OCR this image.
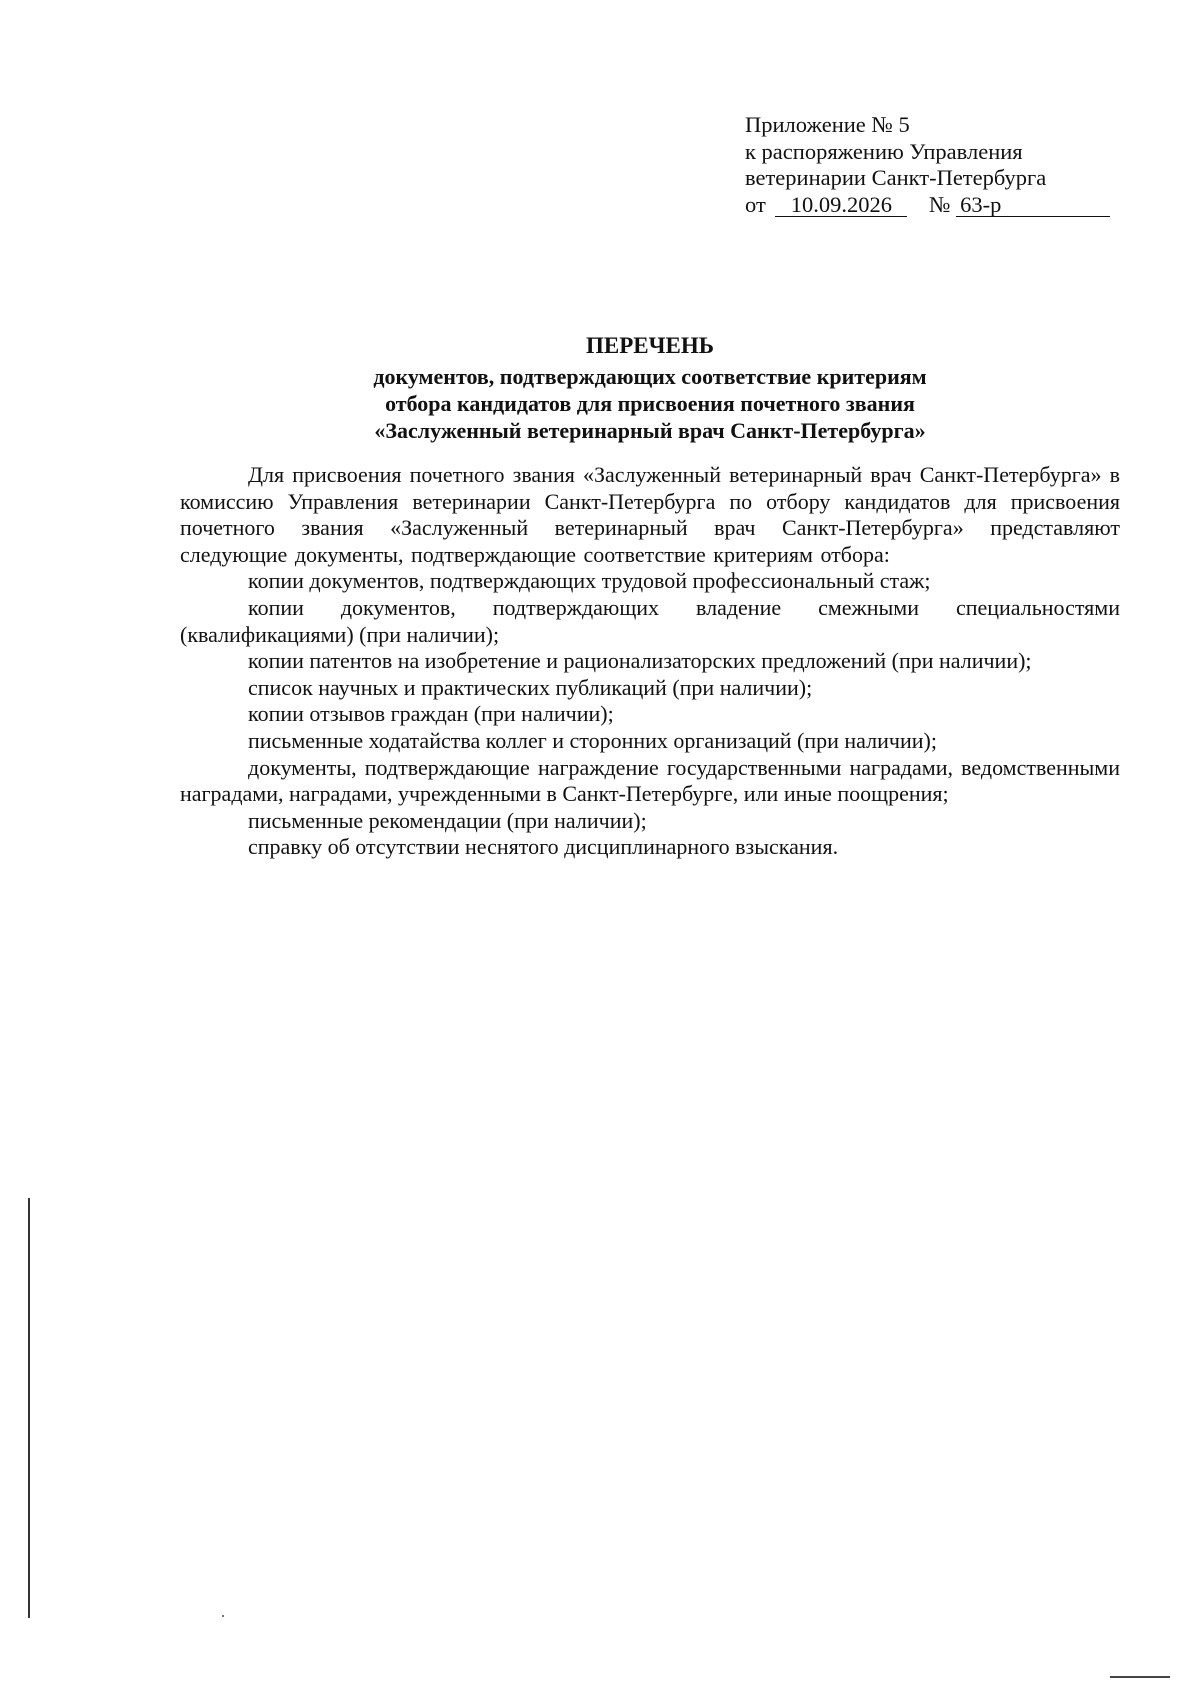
Приложение № 5
к распоряжению Управления
ветеринарии Санкт-Петербурга
от 10.09.2026 № 63-р
ПЕРЕЧЕНЬ
документов, подтверждающих соответствие критериям
отбора кандидатов для присвоения почетного звания
«Заслуженный ветеринарный врач Санкт-Петербурга»

Для присвоения почетного звания «Заслуженный ветеринарный врач Санкт-Петербурга» в комиссию Управления ветеринарии Санкт-Петербурга по отбору кандидатов для присвоения почетного звания «Заслуженный ветеринарный врач Санкт-Петербурга» представляют следующие документы, подтверждающие соответствие критериям отбора:

копии документов, подтверждающих трудовой профессиональный стаж;
копии документов, подтверждающих владение смежными специальностями (квалификациями) (при наличии);
копии патентов на изобретение и рационализаторских предложений (при наличии);
список научных и практических публикаций (при наличии);
копии отзывов граждан (при наличии);
письменные ходатайства коллег и сторонних организаций (при наличии);
документы, подтверждающие награждение государственными наградами, ведомственными наградами, наградами, учрежденными в Санкт-Петербурге, или иные поощрения;
письменные рекомендации (при наличии);
справку об отсутствии неснятого дисциплинарного взыскания.
